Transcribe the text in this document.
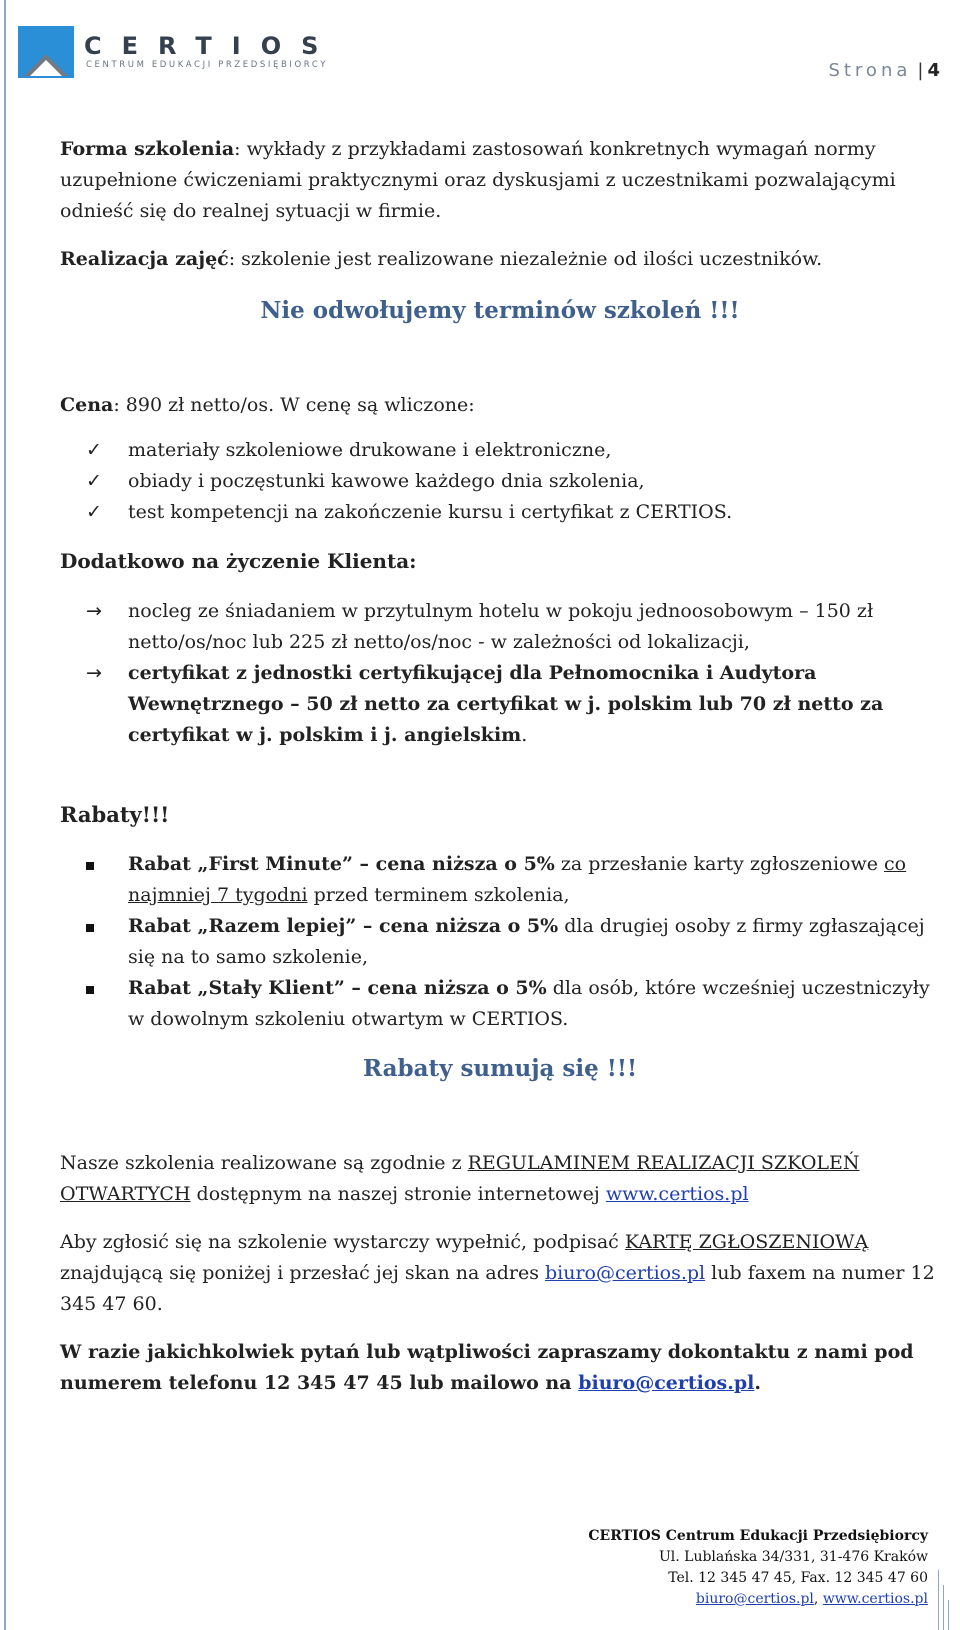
CERTIOS
CENTRUM EDUKACJI PRZEDSIĘBIORCY	Strona | 4

Forma szkolenia: wykłady z przykładami zastosowań konkretnych wymagań normy uzupełnione ćwiczeniami praktycznymi oraz dyskusjami z uczestnikami pozwalającymi odnieść się do realnej sytuacji w firmie.

Realizacja zajęć: szkolenie jest realizowane niezależnie od ilości uczestników.

Nie odwołujemy terminów szkoleń !!!

Cena: 890 zł netto/os. W cenę są wliczone:

✓ materiały szkoleniowe drukowane i elektroniczne,
✓ obiady i poczęstunki kawowe każdego dnia szkolenia,
✓ test kompetencji na zakończenie kursu i certyfikat z CERTIOS.

Dodatkowo na życzenie Klienta:

→ nocleg ze śniadaniem w przytulnym hotelu w pokoju jednoosobowym – 150 zł netto/os/noc lub 225 zł netto/os/noc - w zależności od lokalizacji,
→ certyfikat z jednostki certyfikującej dla Pełnomocnika i Audytora Wewnętrznego – 50 zł netto za certyfikat w j. polskim lub 70 zł netto za certyfikat w j. polskim i j. angielskim.

Rabaty!!!

Rabat „First Minute” – cena niższa o 5% za przesłanie karty zgłoszeniowe co najmniej 7 tygodni przed terminem szkolenia,
Rabat „Razem lepiej” – cena niższa o 5% dla drugiej osoby z firmy zgłaszającej się na to samo szkolenie,
Rabat „Stały Klient” – cena niższa o 5% dla osób, które wcześniej uczestniczyły w dowolnym szkoleniu otwartym w CERTIOS.

Rabaty sumują się !!!

Nasze szkolenia realizowane są zgodnie z REGULAMINEM REALIZACJI SZKOLEŃ OTWARTYCH dostępnym na naszej stronie internetowej www.certios.pl

Aby zgłosić się na szkolenie wystarczy wypełnić, podpisać KARTĘ ZGŁOSZENIOWĄ znajdującą się poniżej i przesłać jej skan na adres biuro@certios.pl lub faxem na numer 12 345 47 60.

W razie jakichkolwiek pytań lub wątpliwości zapraszamy dokontaktu z nami pod numerem telefonu 12 345 47 45 lub mailowo na biuro@certios.pl.

CERTIOS Centrum Edukacji Przedsiębiorcy
Ul. Lublańska 34/331, 31-476 Kraków
Tel. 12 345 47 45, Fax. 12 345 47 60
biuro@certios.pl, www.certios.pl
